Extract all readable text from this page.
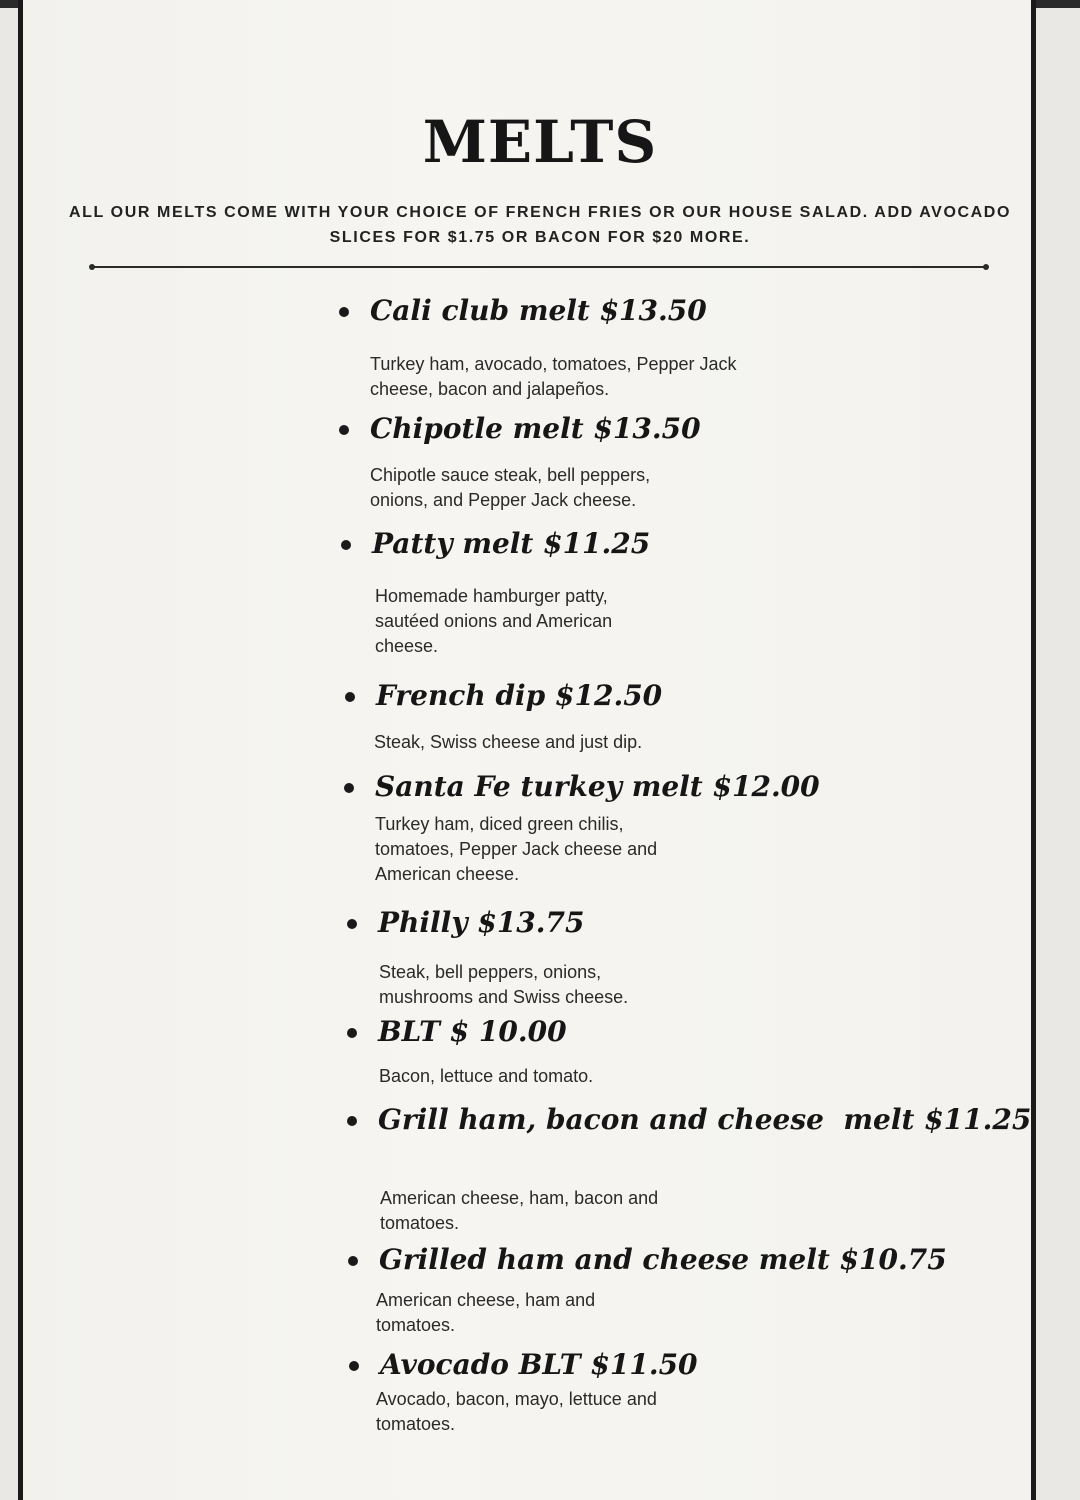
MELTS
ALL OUR MELTS COME WITH YOUR CHOICE OF FRENCH FRIES OR OUR HOUSE SALAD. ADD AVOCADO SLICES FOR $1.75 OR BACON FOR $20 MORE.
Cali club melt $13.50
Turkey ham, avocado, tomatoes, Pepper Jack cheese, bacon and jalapeños.
Chipotle melt $13.50
Chipotle sauce steak, bell peppers, onions, and Pepper Jack cheese.
Patty melt $11.25
Homemade hamburger patty, sautéed onions and American cheese.
French dip $12.50
Steak, Swiss cheese and just dip.
Santa Fe turkey melt $12.00
Turkey ham, diced green chilis, tomatoes, Pepper Jack cheese and American cheese.
Philly $13.75
Steak, bell peppers, onions, mushrooms and Swiss cheese.
BLT $ 10.00
Bacon, lettuce and tomato.
Grill ham, bacon and cheese  melt $11.25
American cheese, ham, bacon and tomatoes.
Grilled ham and cheese melt $10.75
American cheese, ham and tomatoes.
Avocado BLT $11.50
Avocado, bacon, mayo, lettuce and tomatoes.
